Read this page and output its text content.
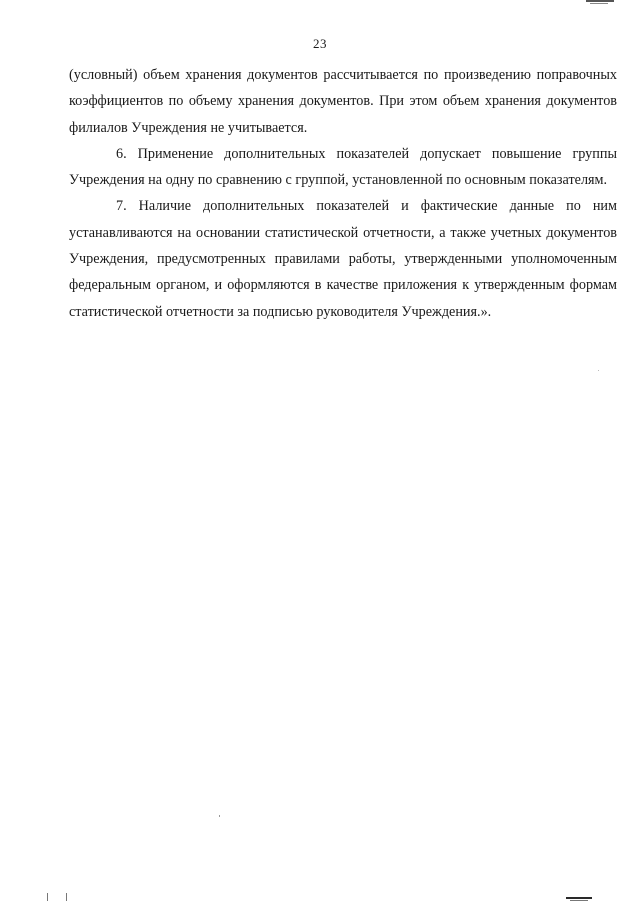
23

(условный) объем хранения документов рассчитывается по произведению поправочных коэффициентов по объему хранения документов. При этом объем хранения документов филиалов Учреждения не учитывается.

6. Применение дополнительных показателей допускает повышение группы Учреждения на одну по сравнению с группой, установленной по основным показателям.

7. Наличие дополнительных показателей и фактические данные по ним устанавливаются на основании статистической отчетности, а также учетных документов Учреждения, предусмотренных правилами работы, утвержденными уполномоченным федеральным органом, и оформляются в качестве приложения к утвержденным формам статистической отчетности за подписью руководителя Учреждения.».
